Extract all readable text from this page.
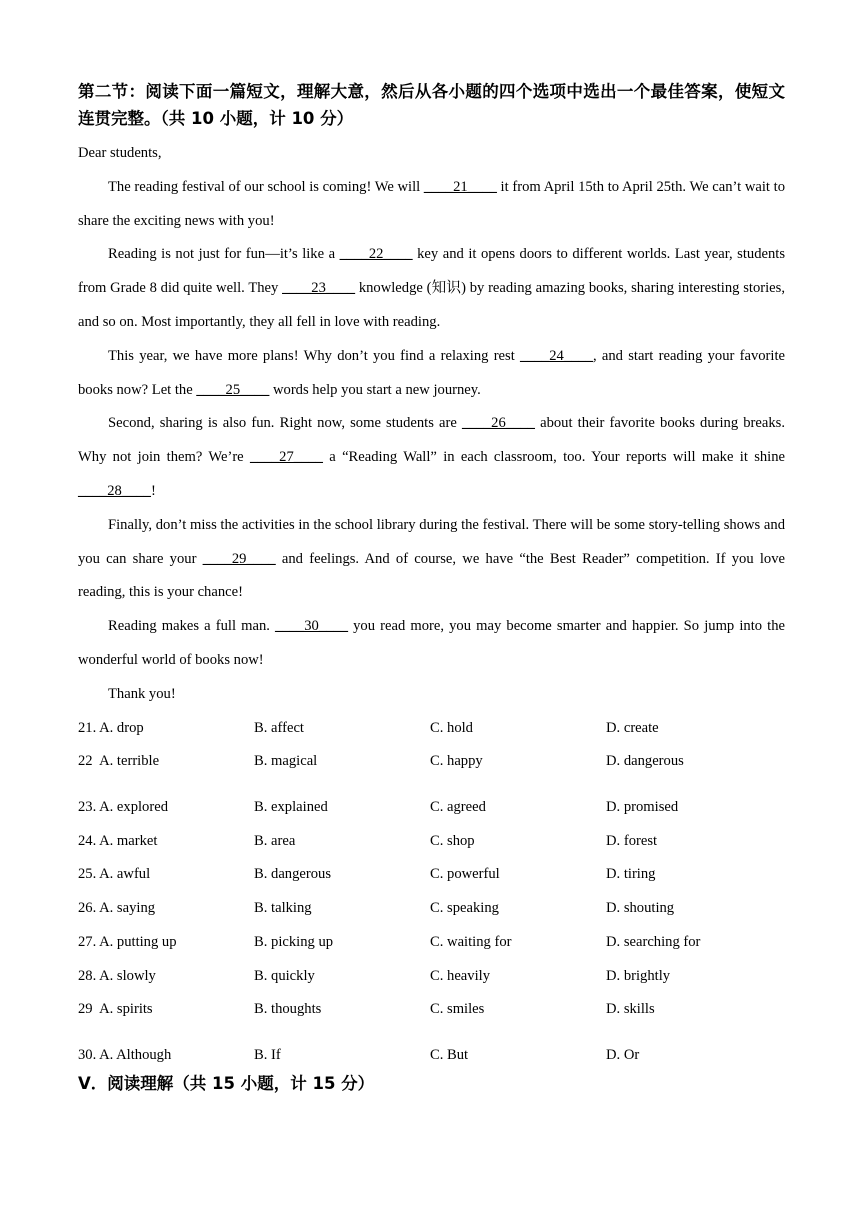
第二节：阅读下面一篇短文，理解大意，然后从各小题的四个选项中选出一个最佳答案，使短文连贯完整。（共 10 小题，计 10 分）

Dear students,

The reading festival of our school is coming! We will ____21____ it from April 15th to April 25th. We can’t wait to share the exciting news with you!

Reading is not just for fun—it’s like a ____22____ key and it opens doors to different worlds. Last year, students from Grade 8 did quite well. They ____23____ knowledge (知识) by reading amazing books, sharing interesting stories, and so on. Most importantly, they all fell in love with reading.

This year, we have more plans! Why don’t you find a relaxing rest ____24____, and start reading your favorite books now? Let the ____25____ words help you start a new journey.

Second, sharing is also fun. Right now, some students are ____26____ about their favorite books during breaks. Why not join them? We’re ____27____ a “Reading Wall” in each classroom, too. Your reports will make it shine ____28____!

Finally, don’t miss the activities in the school library during the festival. There will be some story-telling shows and you can share your ____29____ and feelings. And of course, we have “the Best Reader” competition. If you love reading, this is your chance!

Reading makes a full man. ____30____ you read more, you may become smarter and happier. So jump into the wonderful world of books now!

Thank you!

21. A. drop	B. affect	C. hold	D. create
22 A. terrible	B. magical	C. happy	D. dangerous
23. A. explored	B. explained	C. agreed	D. promised
24. A. market	B. area	C. shop	D. forest
25. A. awful	B. dangerous	C. powerful	D. tiring
26. A. saying	B. talking	C. speaking	D. shouting
27. A. putting up	B. picking up	C. waiting for	D. searching for
28. A. slowly	B. quickly	C. heavily	D. brightly
29 A. spirits	B. thoughts	C. smiles	D. skills
30. A. Although	B. If	C. But	D. Or
V．阅读理解（共 15 小题，计 15 分）
